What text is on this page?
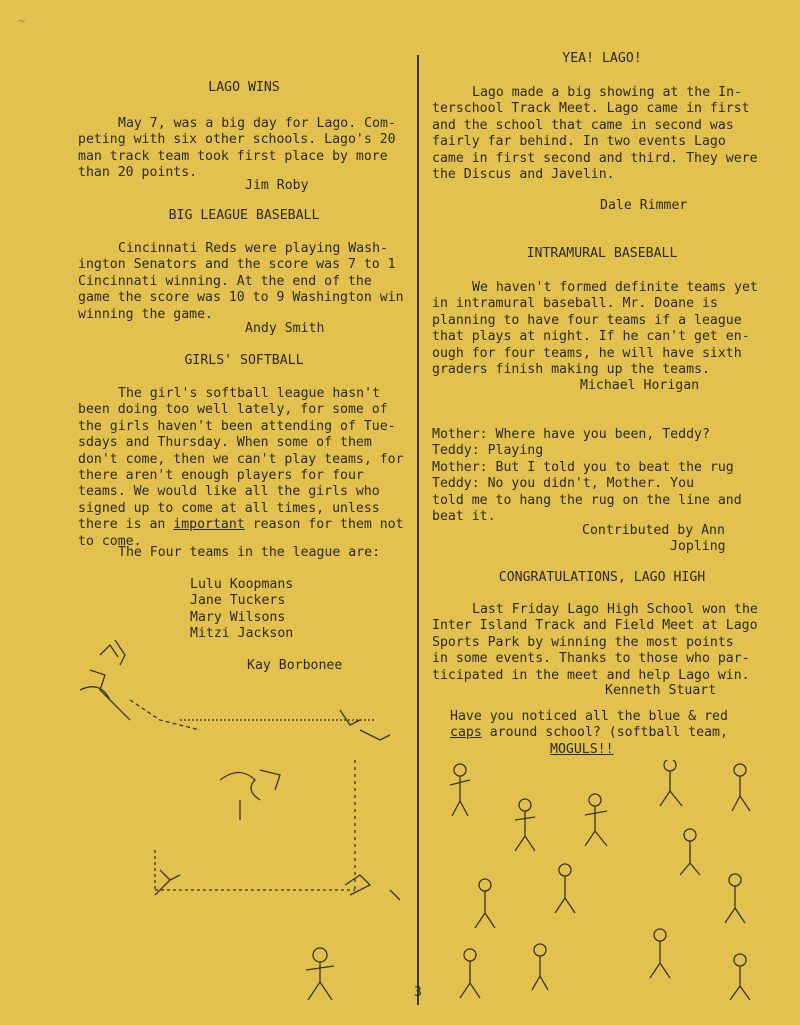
~

LAGO WINS

May 7, was a big day for Lago. Com-
peting with six other schools. Lago's 20
man track team took first place by more
than 20 points.

Jim Roby

BIG LEAGUE BASEBALL

Cincinnati Reds were playing Wash-
ington Senators and the score was 7 to 1
Cincinnati winning. At the end of the
game the score was 10 to 9 Washington win
winning the game.

Andy Smith

GIRLS' SOFTBALL

The girl's softball league hasn't
been doing too well lately, for some of
the girls haven't been attending of Tue-
sdays and Thursday. When some of them
don't come, then we can't play teams, for
there aren't enough players for four
teams. We would like all the girls who
signed up to come at all times, unless
there is an important reason for them not
to come.

The Four teams in the league are:

Lulu Koopmans
Jane Tuckers
Mary Wilsons
Mitzi Jackson

Kay Borbonee

YEA! LAGO!

Lago made a big showing at the In-
terschool Track Meet. Lago came in first
and the school that came in second was
fairly far behind. In two events Lago
came in first second and third. They were
the Discus and Javelin.

Dale Rimmer

INTRAMURAL BASEBALL

We haven't formed definite teams yet
in intramural baseball. Mr. Doane is
planning to have four teams if a league
that plays at night. If he can't get en-
ough for four teams, he will have sixth
graders finish making up the teams.

Michael Horigan

Mother: Where have you been, Teddy?

Teddy: Playing

Mother: But I told you to beat the rug

Teddy: No you didn't, Mother. You

told me to hang the rug on the line and

beat it.

Contributed by Ann

Jopling

CONGRATULATIONS, LAGO HIGH

Last Friday Lago High School won the
Inter Island Track and Field Meet at Lago
Sports Park by winning the most points
in some events. Thanks to those who par-
ticipated in the meet and help Lago win.

Kenneth Stuart

Have you noticed all the blue & red

caps around school? (softball team,

MOGULS!!

3
